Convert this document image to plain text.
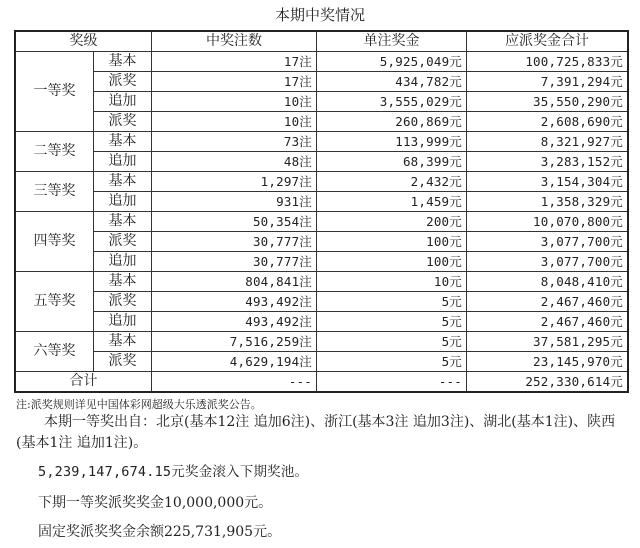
本期中奖情况
奖级		中奖注数	单注奖金	应派奖金合计
一等奖	基本	17注	5,925,049元	100,725,833元
	派奖	17注	434,782元	7,391,294元
	追加	10注	3,555,029元	35,550,290元
	派奖	10注	260,869元	2,608,690元
二等奖	基本	73注	113,999元	8,321,927元
	追加	48注	68,399元	3,283,152元
三等奖	基本	1,297注	2,432元	3,154,304元
	追加	931注	1,459元	1,358,329元
四等奖	基本	50,354注	200元	10,070,800元
	派奖	30,777注	100元	3,077,700元
	追加	30,777注	100元	3,077,700元
五等奖	基本	804,841注	10元	8,048,410元
	派奖	493,492注	5元	2,467,460元
	追加	493,492注	5元	2,467,460元
六等奖	基本	7,516,259注	5元	37,581,295元
	派奖	4,629,194注	5元	23,145,970元
合计		---	---	252,330,614元
注:派奖规则详见中国体彩网超级大乐透派奖公告。
本期一等奖出自：北京(基本12注 追加6注)、浙江(基本3注 追加3注)、湖北(基本1注)、陕西(基本1注 追加1注)。
5,239,147,674.15元奖金滚入下期奖池。
下期一等奖派奖奖金10,000,000元。
固定奖派奖奖金余额225,731,905元。
